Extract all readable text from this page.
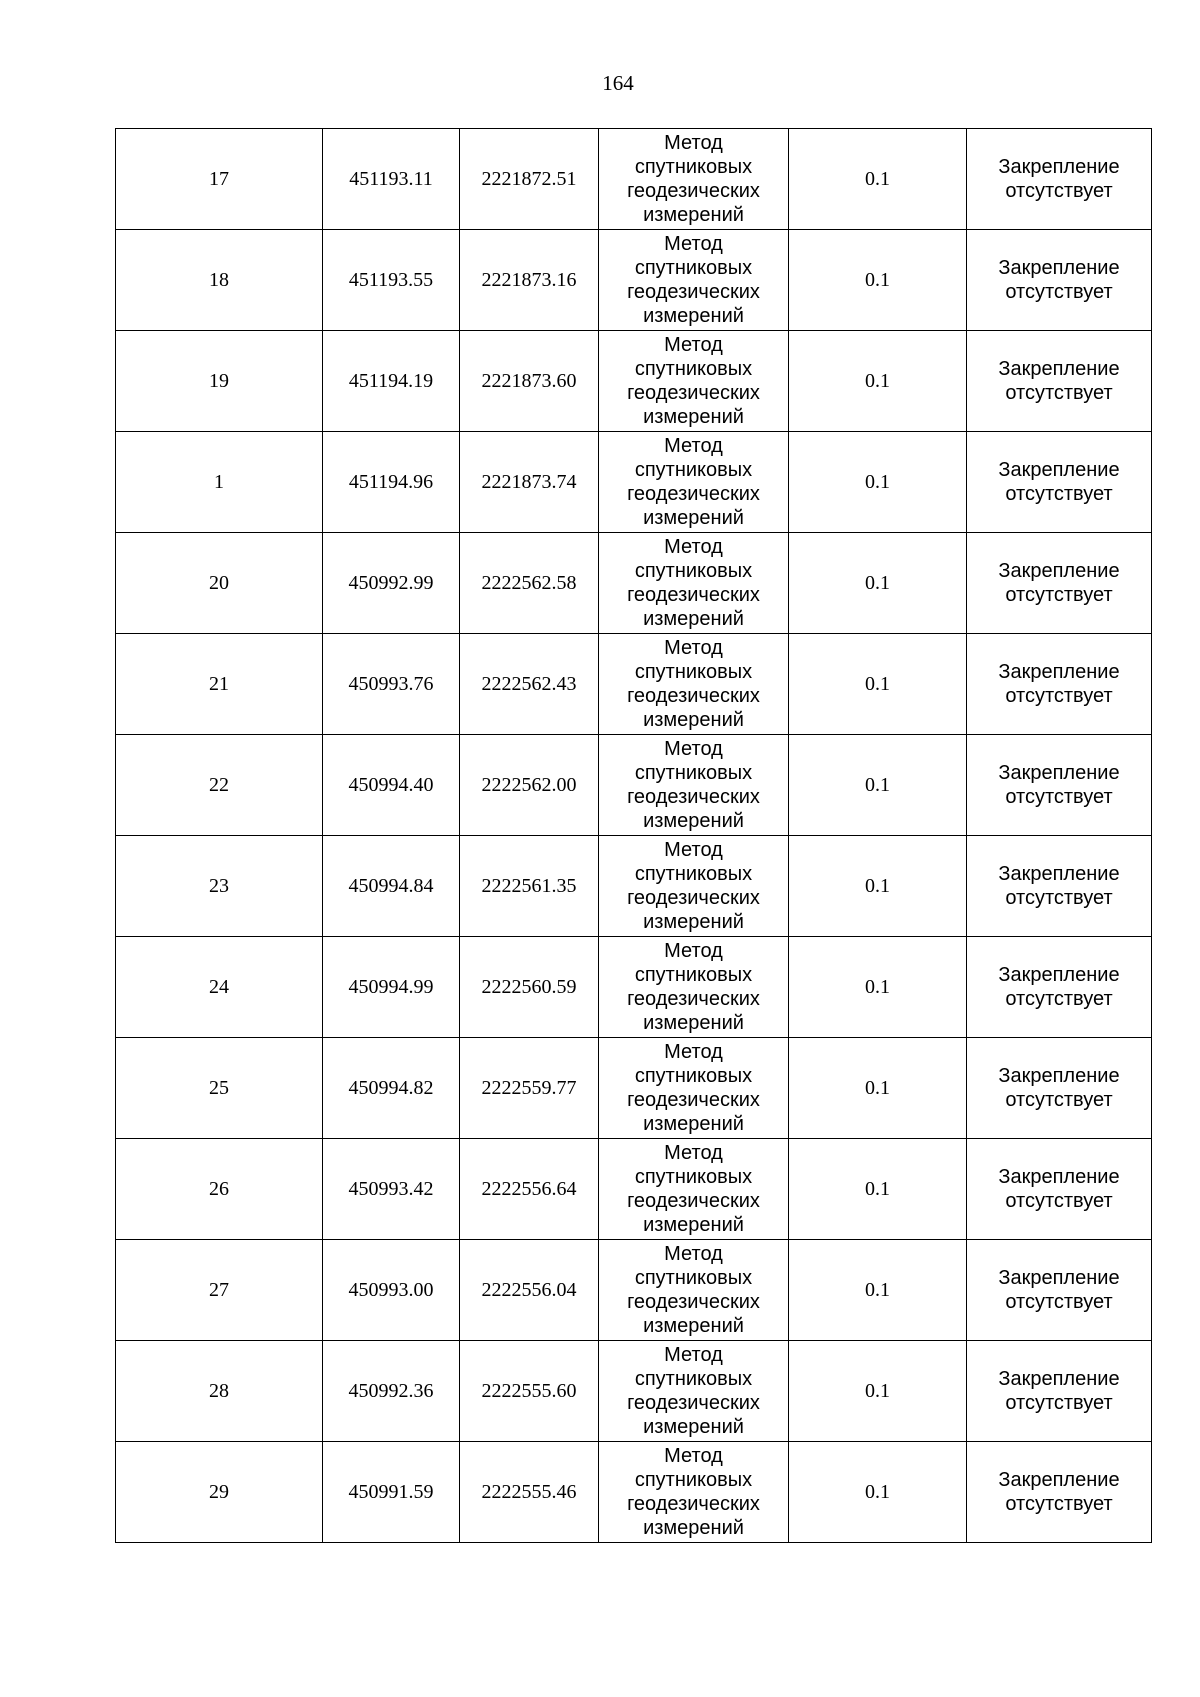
164
17	451193.11	2221872.51	Метод
спутниковых
геодезических
измерений	0.1	Закрепление
отсутствует

18	451193.55	2221873.16	Метод
спутниковых
геодезических
измерений	0.1	Закрепление
отсутствует

19	451194.19	2221873.60	Метод
спутниковых
геодезических
измерений	0.1	Закрепление
отсутствует

1	451194.96	2221873.74	Метод
спутниковых
геодезических
измерений	0.1	Закрепление
отсутствует

20	450992.99	2222562.58	Метод
спутниковых
геодезических
измерений	0.1	Закрепление
отсутствует

21	450993.76	2222562.43	Метод
спутниковых
геодезических
измерений	0.1	Закрепление
отсутствует

22	450994.40	2222562.00	Метод
спутниковых
геодезических
измерений	0.1	Закрепление
отсутствует

23	450994.84	2222561.35	Метод
спутниковых
геодезических
измерений	0.1	Закрепление
отсутствует

24	450994.99	2222560.59	Метод
спутниковых
геодезических
измерений	0.1	Закрепление
отсутствует

25	450994.82	2222559.77	Метод
спутниковых
геодезических
измерений	0.1	Закрепление
отсутствует

26	450993.42	2222556.64	Метод
спутниковых
геодезических
измерений	0.1	Закрепление
отсутствует

27	450993.00	2222556.04	Метод
спутниковых
геодезических
измерений	0.1	Закрепление
отсутствует

28	450992.36	2222555.60	Метод
спутниковых
геодезических
измерений	0.1	Закрепление
отсутствует

29	450991.59	2222555.46	Метод
спутниковых
геодезических
измерений	0.1	Закрепление
отсутствует
